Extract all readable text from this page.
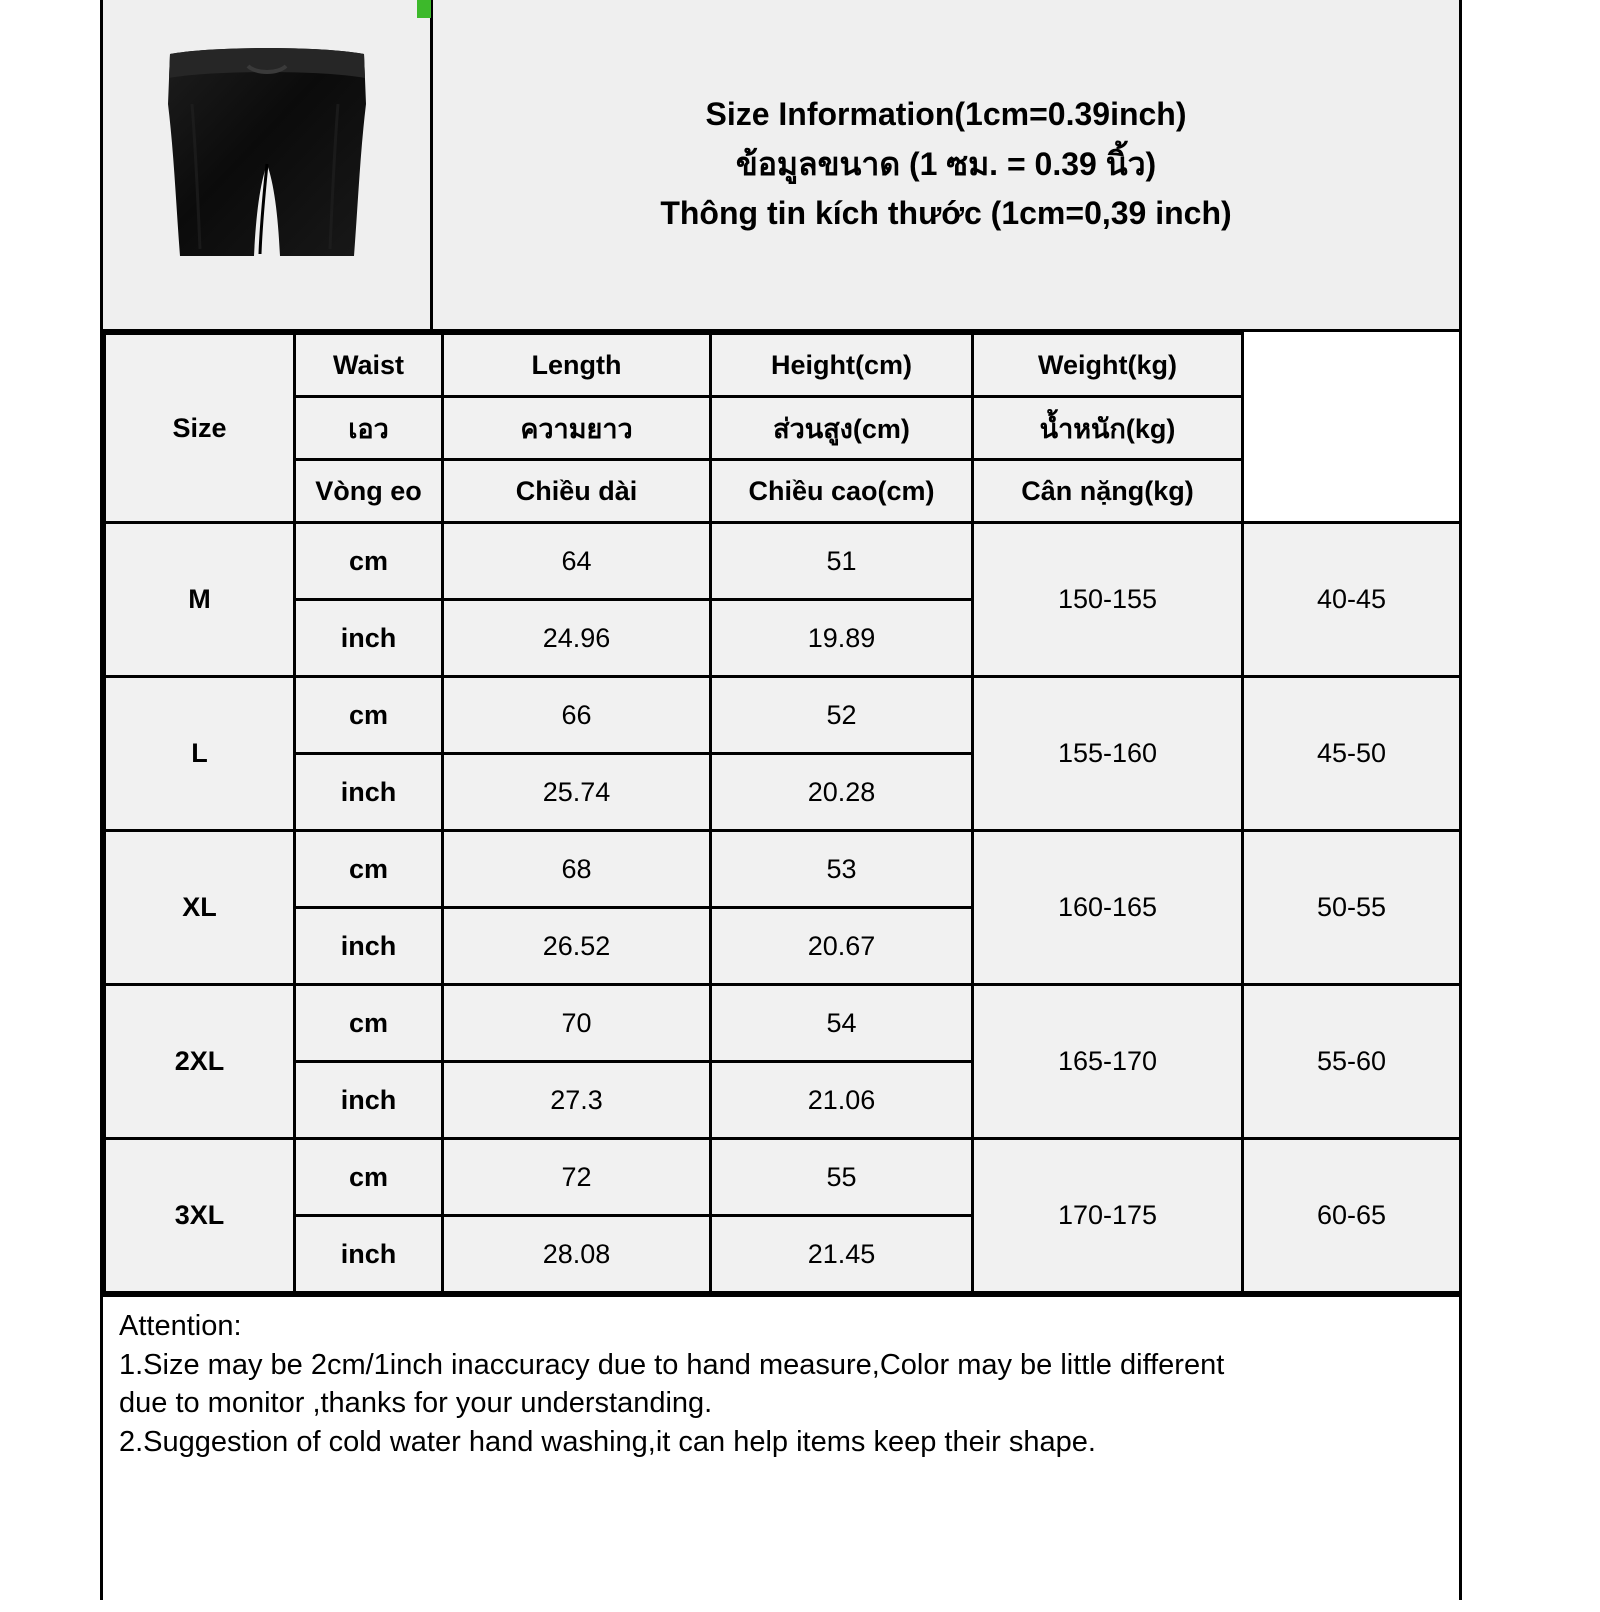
Size Information(1cm=0.39inch)
ข้อมูลขนาด (1 ซม. = 0.39 นิ้ว)
Thông tin kích thước (1cm=0,39 inch)
Size	Waist	Length	Height(cm)	Weight(kg)	
	เอว	ความยาว	ส่วนสูง(cm)	น้ำหนัก(kg)	
	Vòng eo	Chiều dài	Chiều cao(cm)	Cân nặng(kg)	
M	cm	64	51	150-155	40-45
	inch	24.96	19.89		
L	cm	66	52	155-160	45-50
	inch	25.74	20.28		
XL	cm	68	53	160-165	50-55
	inch	26.52	20.67		
2XL	cm	70	54	165-170	55-60
	inch	27.3	21.06		
3XL	cm	72	55	170-175	60-65
	inch	28.08	21.45		

Attention:

1.Size may be 2cm/1inch inaccuracy due to hand measure,Color may be little different

due to monitor ,thanks for your understanding.

2.Suggestion of cold water hand washing,it can help items keep their shape.
